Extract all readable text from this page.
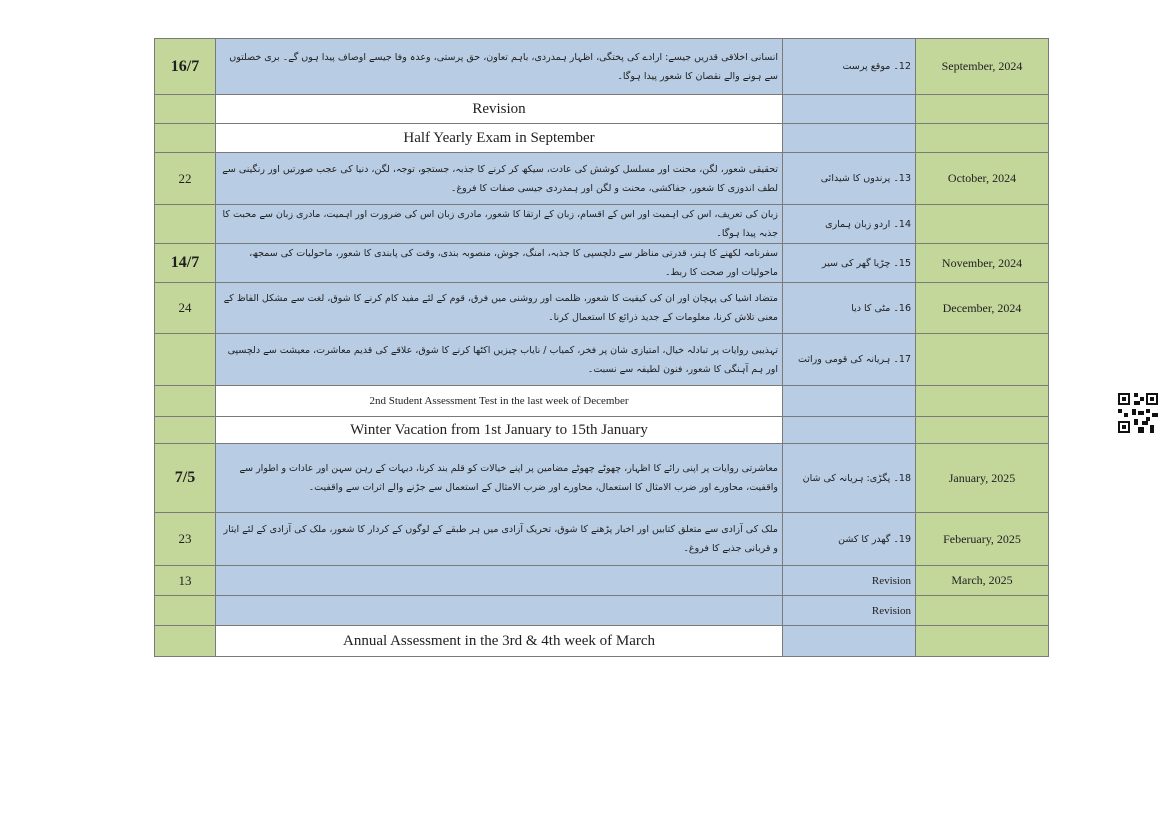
16/7	انسانی اخلاقی قدریں جیسے: ارادے کی پختگی، اظہار ہمدردی، باہم تعاون، حق پرستی، وعدہ وفا جیسے اوصاف پیدا ہوں گے۔ بری خصلتوں سے ہونے والے نقصان کا شعور پیدا ہوگا۔	12۔ موقع پرست	September, 2024
	Revision		
	Half Yearly Exam in September		
22	تحقیقی شعور، لگن، محنت اور مسلسل کوشش کی عادت، سیکھ کر کرنے کا جذبہ، جستجو، توجہ، لگن، دنیا کی عجب صورتیں اور رنگینی سے لطف اندوزی کا شعور، جفاکشی، محنت و لگن اور ہمدردی جیسی صفات کا فروغ۔	13۔ پرندوں کا شیدائی	October, 2024
	زبان کی تعریف، اس کی اہمیت اور اس کے اقسام، زبان کے ارتقا کا شعور، مادری زبان اس کی ضرورت اور اہمیت، مادری زبان سے محبت کا جذبہ پیدا ہوگا۔	14۔ اردو زبان ہماری	
14/7	سفرنامہ لکھنے کا ہنر، قدرتی مناظر سے دلچسپی کا جذبہ، امنگ، جوش، منصوبہ بندی، وقت کی پابندی کا شعور، ماحولیات کی سمجھ، ماحولیات اور صحت کا ربط۔	15۔ چڑیا گھر کی سیر	November, 2024
24	متضاد اشیا کی پہچان اور ان کی کیفیت کا شعور، ظلمت اور روشنی میں فرق، قوم کے لئے مفید کام کرنے کا شوق، لغت سے مشکل الفاظ کے معنی تلاش کرنا، معلومات کے جدید ذرائع کا استعمال کرنا۔	16۔ مٹی کا دیا	December, 2024
	تہذیبی روایات پر تبادلہ خیال، امتیازی شان پر فخر، کمیاب / نایاب چیزیں اکٹھا کرنے کا شوق، علاقے کی قدیم معاشرت، معیشت سے دلچسپی اور ہم آہنگی کا شعور، فنون لطیفہ سے نسبت۔	17۔ ہریانہ کی قومی وراثت	
	2nd Student Assessment Test in the last week of December		
	Winter Vacation from 1st January to 15th January		
7/5	معاشرتی روایات پر اپنی رائے کا اظہار، چھوٹے چھوٹے مضامین پر اپنے خیالات کو قلم بند کرنا، دیہات کے رہن سہن اور عادات و اطوار سے واقفیت، محاورے اور ضرب الامثال کا استعمال، محاورے اور ضرب الامثال کے استعمال سے جڑنے والے اثرات سے واقفیت۔	18۔ پگڑی: ہریانہ کی شان	January, 2025
23	ملک کی آزادی سے متعلق کتابیں اور اخبار پڑھنے کا شوق، تحریک آزادی میں ہر طبقے کے لوگوں کے کردار کا شعور، ملک کی آزادی کے لئے ایثار و قربانی جذبے کا فروغ۔	19۔ گھدر کا کشن	Feberuary, 2025
13		Revision	March, 2025
		Revision	
	Annual Assessment in the 3rd & 4th week of March		
